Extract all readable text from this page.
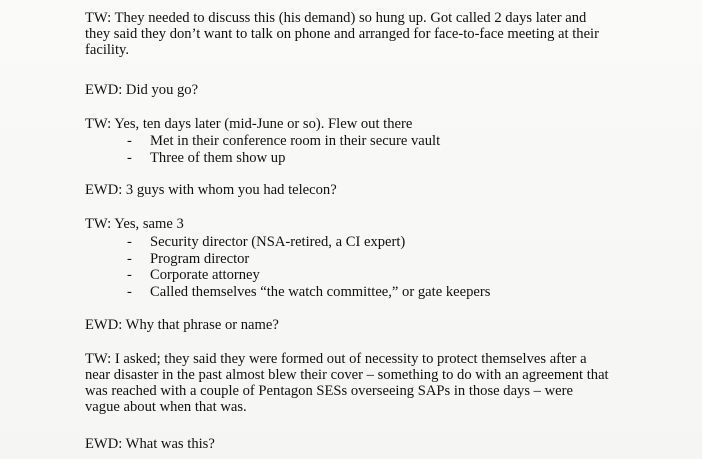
TW: They needed to discuss this (his demand) so hung up. Got called 2 days later and
they said they don’t want to talk on phone and arranged for face-to-face meeting at their
facility.

EWD: Did you go?

TW: Yes, ten days later (mid-June or so). Flew out there

- Met in their conference room in their secure vault
- Three of them show up

EWD: 3 guys with whom you had telecon?

TW: Yes, same 3

- Security director (NSA-retired, a CI expert)
- Program director
- Corporate attorney
- Called themselves “the watch committee,” or gate keepers

EWD: Why that phrase or name?

TW: I asked; they said they were formed out of necessity to protect themselves after a
near disaster in the past almost blew their cover – something to do with an agreement that
was reached with a couple of Pentagon SESs overseeing SAPs in those days – were
vague about when that was.

EWD: What was this?
